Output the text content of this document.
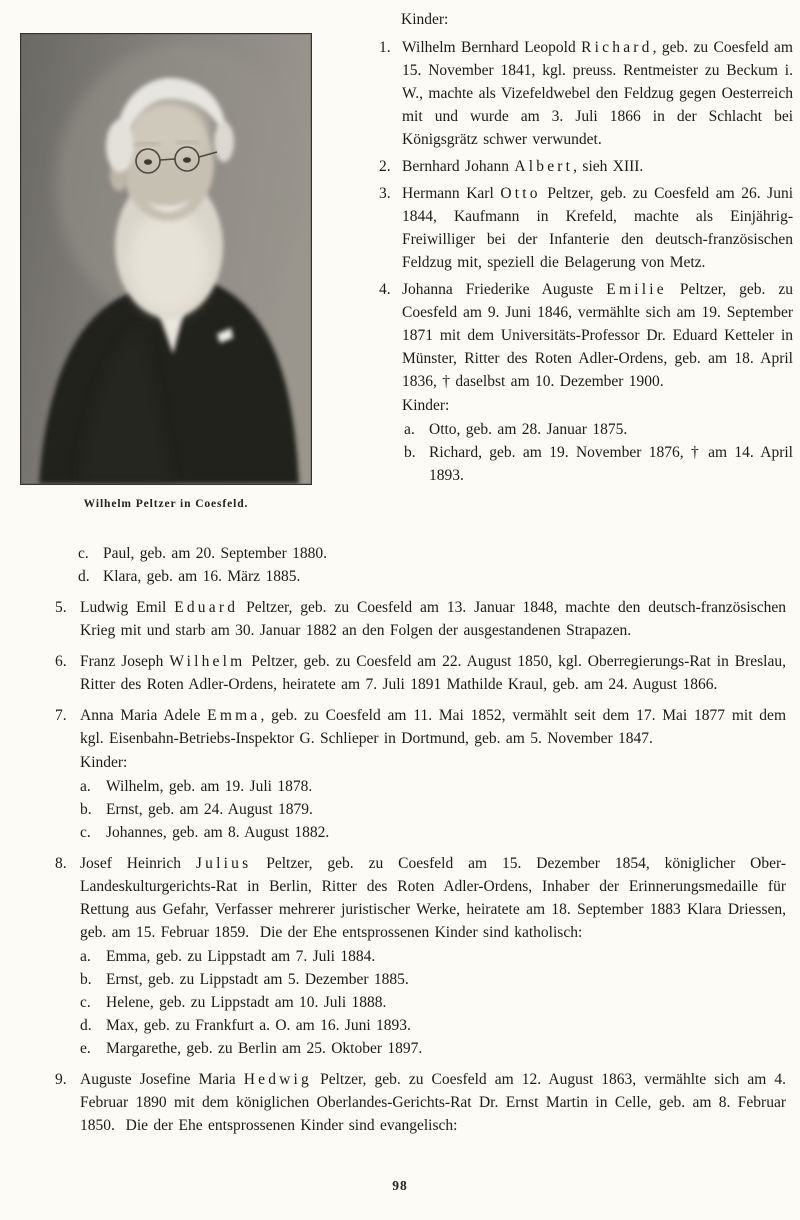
Wilhelm Peltzer in Coesfeld.
Kinder:
1. Wilhelm Bernhard Leopold Richard, geb. zu Coesfeld am 15. November 1841, kgl. preuss. Rentmeister zu Beckum i. W., machte als Vizefeldwebel den Feldzug gegen Oesterreich mit und wurde am 3. Juli 1866 in der Schlacht bei Königsgrätz schwer verwundet.
2. Bernhard Johann Albert, sieh XIII.
3. Hermann Karl Otto Peltzer, geb. zu Coesfeld am 26. Juni 1844, Kaufmann in Krefeld, machte als Einjährig-Freiwilliger bei der Infanterie den deutsch-französischen Feldzug mit, speziell die Belagerung von Metz.
4. Johanna Friederike Auguste Emilie Peltzer, geb. zu Coesfeld am 9. Juni 1846, vermählte sich am 19. September 1871 mit dem Universitäts-Professor Dr. Eduard Ketteler in Münster, Ritter des Roten Adler-Ordens, geb. am 18. April 1836, † daselbst am 10. Dezember 1900.
Kinder:
a. Otto, geb. am 28. Januar 1875.
b. Richard, geb. am 19. November 1876, † am 14. April 1893.
c. Paul, geb. am 20. September 1880.
d. Klara, geb. am 16. März 1885.
5. Ludwig Emil Eduard Peltzer, geb. zu Coesfeld am 13. Januar 1848, machte den deutsch-französischen Krieg mit und starb am 30. Januar 1882 an den Folgen der ausgestandenen Strapazen.
6. Franz Joseph Wilhelm Peltzer, geb. zu Coesfeld am 22. August 1850, kgl. Oberregierungs-Rat in Breslau, Ritter des Roten Adler-Ordens, heiratete am 7. Juli 1891 Mathilde Kraul, geb. am 24. August 1866.
7. Anna Maria Adele Emma, geb. zu Coesfeld am 11. Mai 1852, vermählt seit dem 17. Mai 1877 mit dem kgl. Eisenbahn-Betriebs-Inspektor G. Schlieper in Dortmund, geb. am 5. November 1847.
Kinder:
a. Wilhelm, geb. am 19. Juli 1878.
b. Ernst, geb. am 24. August 1879.
c. Johannes, geb. am 8. August 1882.
8. Josef Heinrich Julius Peltzer, geb. zu Coesfeld am 15. Dezember 1854, königlicher Ober-Landeskulturgerichts-Rat in Berlin, Ritter des Roten Adler-Ordens, Inhaber der Erinnerungsmedaille für Rettung aus Gefahr, Verfasser mehrerer juristischer Werke, heiratete am 18. September 1883 Klara Driessen, geb. am 15. Februar 1859.  Die der Ehe entsprossenen Kinder sind katholisch:
a. Emma, geb. zu Lippstadt am 7. Juli 1884.
b. Ernst, geb. zu Lippstadt am 5. Dezember 1885.
c. Helene, geb. zu Lippstadt am 10. Juli 1888.
d. Max, geb. zu Frankfurt a. O. am 16. Juni 1893.
e. Margarethe, geb. zu Berlin am 25. Oktober 1897.
9. Auguste Josefine Maria Hedwig Peltzer, geb. zu Coesfeld am 12. August 1863, vermählte sich am 4. Februar 1890 mit dem königlichen Oberlandes-Gerichts-Rat Dr. Ernst Martin in Celle, geb. am 8. Februar 1850.  Die der Ehe entsprossenen Kinder sind evangelisch:
98
